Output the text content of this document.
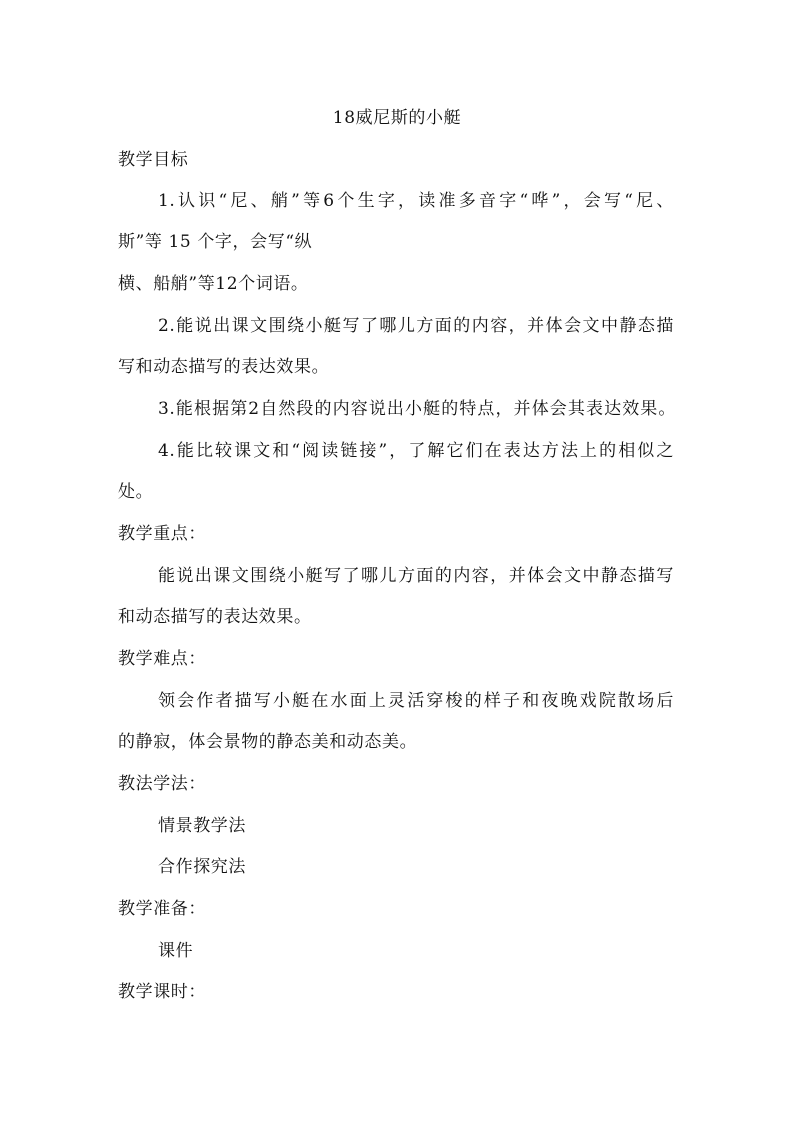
18威尼斯的小艇
教学目标
1.认识“尼、艄”等6个生字，读准多音字“哗”，会写“尼、
斯”等 15 个字，会写“纵
横、船艄”等12个词语。
2.能说出课文围绕小艇写了哪儿方面的内容，并体会文中静态描
写和动态描写的表达效果。
3.能根据第2自然段的内容说出小艇的特点，并体会其表达效果。
4.能比较课文和“阅读链接”，了解它们在表达方法上的相似之
处。
教学重点：
能说出课文围绕小艇写了哪儿方面的内容，并体会文中静态描写
和动态描写的表达效果。
教学难点：
领会作者描写小艇在水面上灵活穿梭的样子和夜晚戏院散场后
的静寂，体会景物的静态美和动态美。
教法学法：
情景教学法
合作探究法
教学准备：
课件
教学课时：
